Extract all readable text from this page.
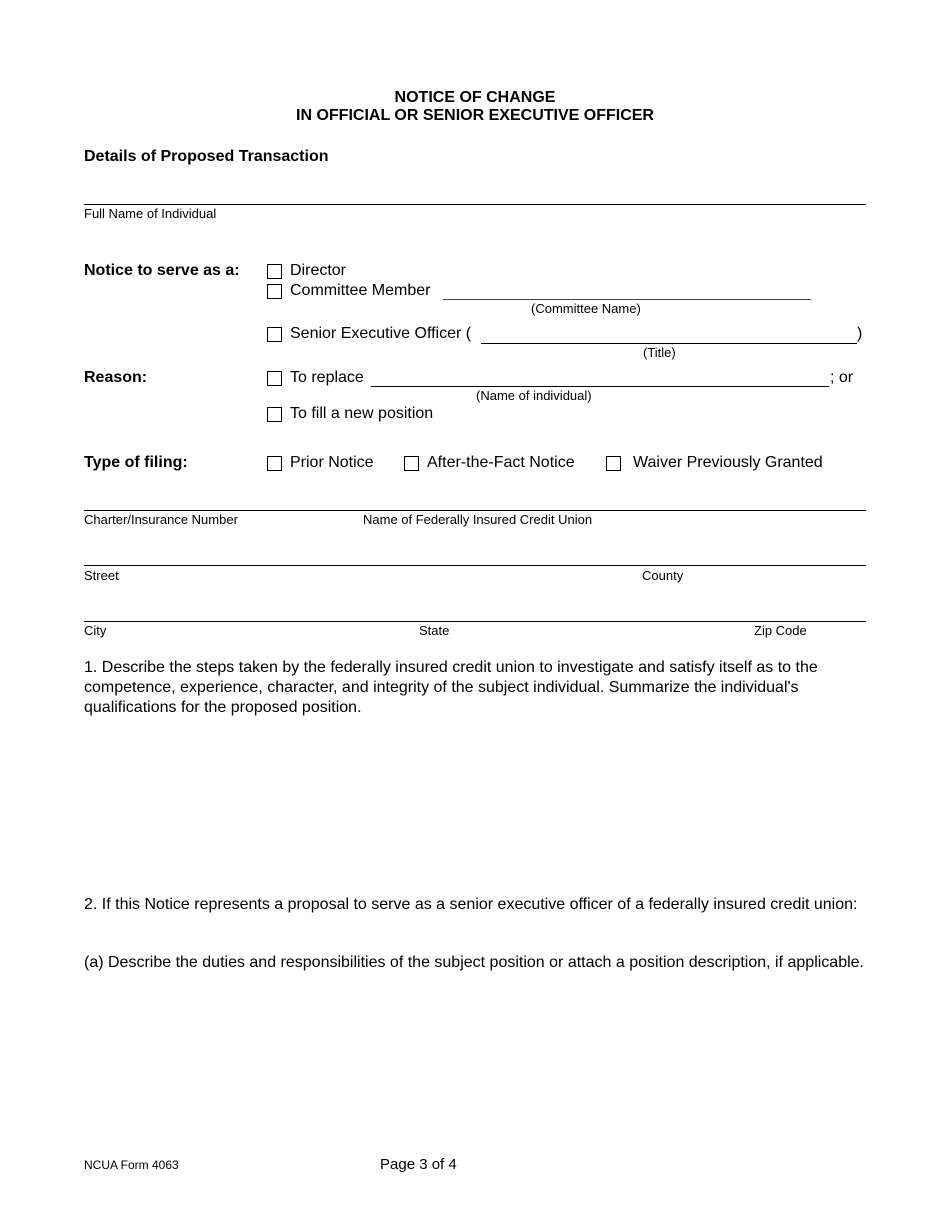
NOTICE OF CHANGE
IN OFFICIAL OR SENIOR EXECUTIVE OFFICER
Details of Proposed Transaction
Full Name of Individual
Notice to serve as a:	Director
Committee Member
(Committee Name)
Senior Executive Officer (	)
(Title)
Reason:	To replace	; or
(Name of individual)
To fill a new position
Type of filing:	Prior Notice	After-the-Fact Notice	Waiver Previously Granted
Charter/Insurance Number	Name of Federally Insured Credit Union
Street	County
City	State	Zip Code
1. Describe the steps taken by the federally insured credit union to investigate and satisfy itself as to the competence, experience, character, and integrity of the subject individual. Summarize the individual's qualifications for the proposed position.
2. If this Notice represents a proposal to serve as a senior executive officer of a federally insured credit union:
(a) Describe the duties and responsibilities of the subject position or attach a position description, if applicable.
NCUA Form 4063	Page 3 of 4
